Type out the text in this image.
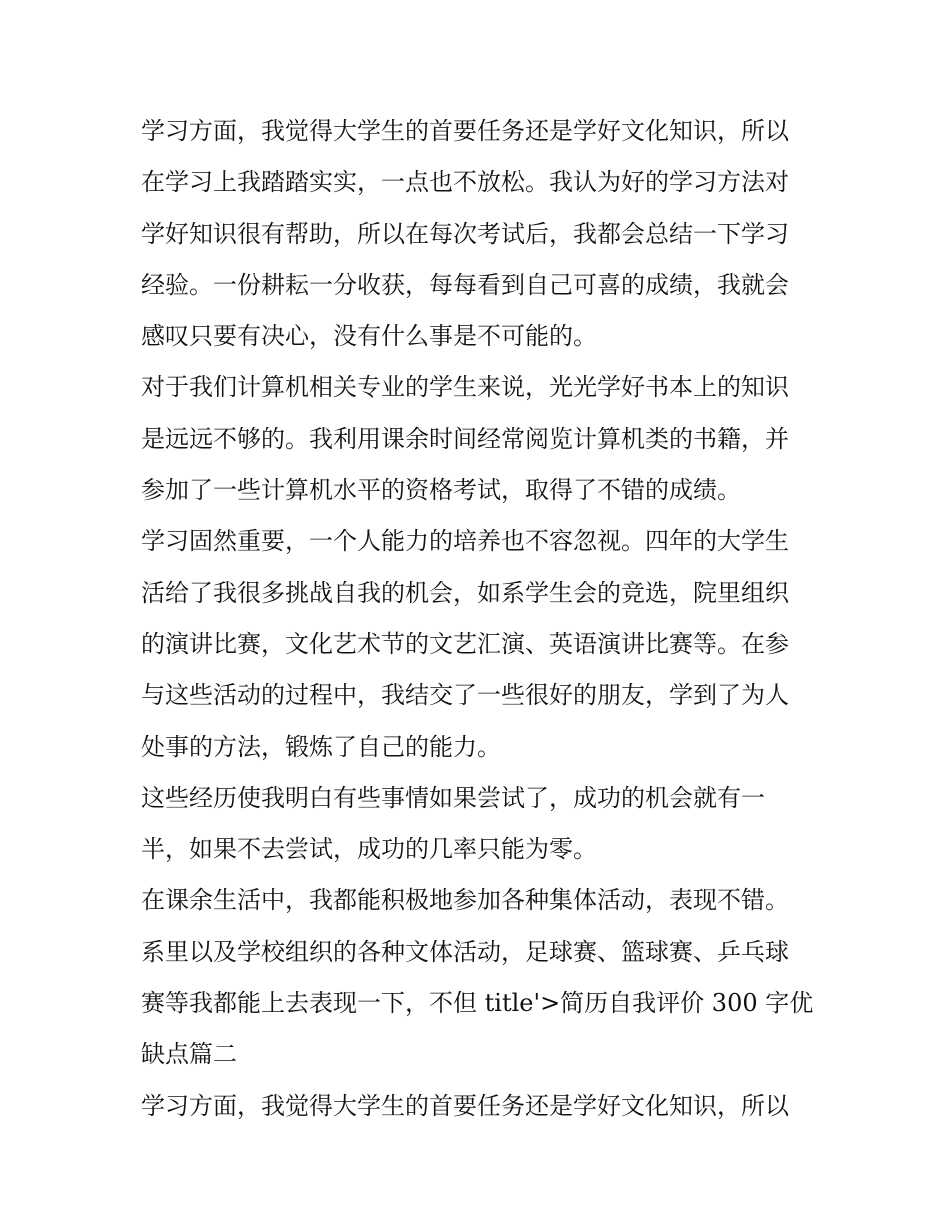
学习方面，我觉得大学生的首要任务还是学好文化知识，所以
在学习上我踏踏实实，一点也不放松。我认为好的学习方法对
学好知识很有帮助，所以在每次考试后，我都会总结一下学习
经验。一份耕耘一分收获，每每看到自己可喜的成绩，我就会
感叹只要有决心，没有什么事是不可能的。
对于我们计算机相关专业的学生来说，光光学好书本上的知识
是远远不够的。我利用课余时间经常阅览计算机类的书籍，并
参加了一些计算机水平的资格考试，取得了不错的成绩。
学习固然重要，一个人能力的培养也不容忽视。四年的大学生
活给了我很多挑战自我的机会，如系学生会的竞选，院里组织
的演讲比赛，文化艺术节的文艺汇演、英语演讲比赛等。在参
与这些活动的过程中，我结交了一些很好的朋友，学到了为人
处事的方法，锻炼了自己的能力。
这些经历使我明白有些事情如果尝试了，成功的机会就有一
半，如果不去尝试，成功的几率只能为零。
在课余生活中，我都能积极地参加各种集体活动，表现不错。
系里以及学校组织的各种文体活动，足球赛、篮球赛、乒乓球
赛等我都能上去表现一下，不但 title'>简历自我评价 300 字优
缺点篇二
学习方面，我觉得大学生的首要任务还是学好文化知识，所以
